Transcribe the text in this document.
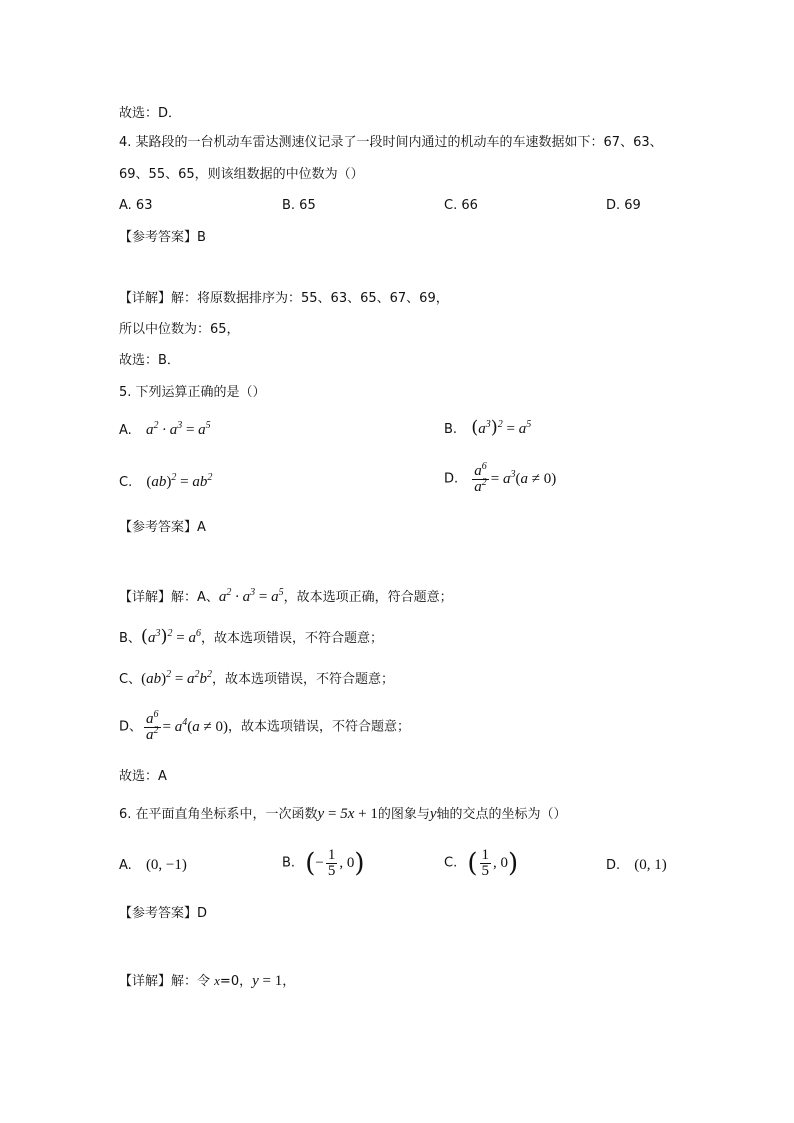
故选：D．
4. 某路段的一台机动车雷达测速仪记录了一段时间内通过的机动车的车速数据如下：67、63、
69、55、65，则该组数据的中位数为（）
A. 63	B. 65	C. 66	D. 69
【参考答案】B
【详解】解：将原数据排序为：55、63、65、67、69，
所以中位数为：65，
故选：B．
5. 下列运算正确的是（）
A. $a^2 \cdot a^3 = a^5$	B. $(a^3)^2 = a^5$
C. $(ab)^2 = ab^2$	D. $\frac{a^6}{a^2} = a^3(a \ne 0)$
【参考答案】A
【详解】解：A、$a^2 \cdot a^3 = a^5$，故本选项正确，符合题意；
B、$(a^3)^2 = a^6$，故本选项错误，不符合题意；
C、$(ab)^2 = a^2b^2$，故本选项错误，不符合题意；
D、 $\frac{a^6}{a^2} = a^4(a \ne 0)$，故本选项错误，不符合题意；
故选：A
6. 在平面直角坐标系中，一次函数y = 5x + 1的图象与y轴的交点的坐标为（）
A. (0, −1)	B. (− $\frac{1}{5}$ , 0)	C. ( $\frac{1}{5}$ , 0)	D. (0, 1)
【参考答案】D
【详解】解：令 x=0，y = 1，
